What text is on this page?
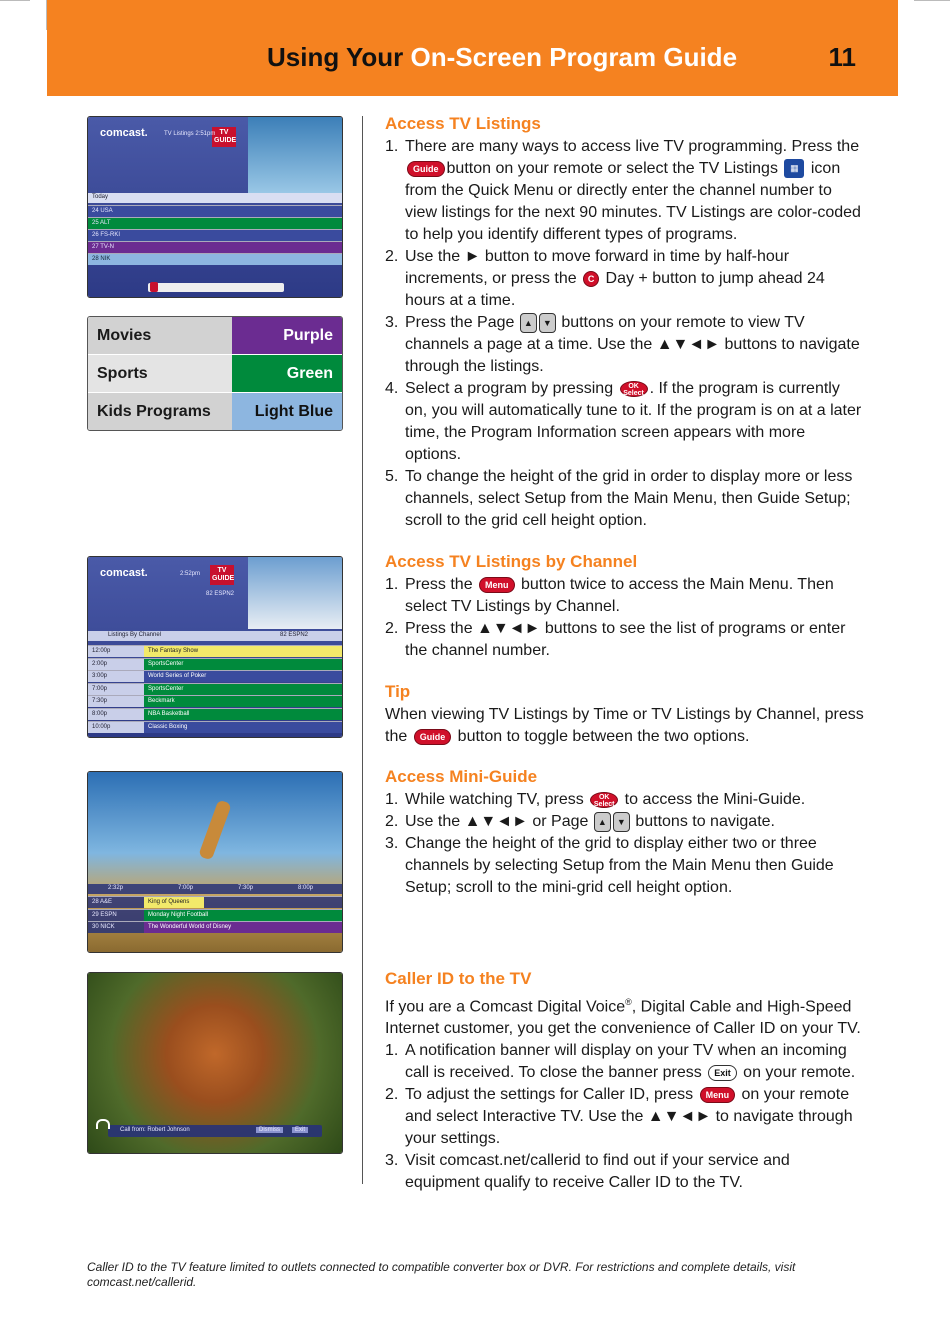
Using Your On-Screen Program Guide	11
comcast.	TV GUIDE
TV Listings 2:51pm
Today
24 USA
25 ALT
26 FS-RKI
27 TV-N
28 NIK
Movies	Purple
Sports	Green
Kids Programs	Light Blue
comcast.	TV GUIDE
2:52pm
82 ESPN2
Listings By Channel	82 ESPN2
12:00p	The Fantasy Show
2:00p	SportsCenter
3:00p	World Series of Poker
7:00p	SportsCenter
7:30p	Beckmark
8:00p	NBA Basketball
10:00p	Classic Boxing
2:32p	7:00p	7:30p	8:00p
28 A&E	King of Queens
29 ESPN	Monday Night Football
30 NICK	The Wonderful World of Disney
Call from: Robert Johnson	Dismiss	Exit
Access TV Listings
1. There are many ways to access live TV programming. Press the Guide button on your remote or select the TV Listings ▦ icon from the Quick Menu or directly enter the channel number to view listings for the next 90 minutes. TV Listings are color-coded to help you identify different types of programs.
2. Use the ► button to move forward in time by half-hour increments, or press the C Day + button to jump ahead 24 hours at a time.
3. Press the Page ▲ ▼ buttons on your remote to view TV channels a page at a time. Use the ▲▼◄► buttons to navigate through the listings.
4. Select a program by pressing OK
Select . If the program is currently on, you will automatically tune to it. If the program is on at a later time, the Program Information screen appears with more options.
5. To change the height of the grid in order to display more or less channels, select Setup from the Main Menu, then Guide Setup; scroll to the grid cell height option.
Access TV Listings by Channel
1. Press the Menu button twice to access the Main Menu. Then select TV Listings by Channel.
2. Press the ▲▼◄► buttons to see the list of programs or enter the channel number.
Tip
When viewing TV Listings by Time or TV Listings by Channel, press the Guide button to toggle between the two options.
Access Mini-Guide
1. While watching TV, press OK
Select to access the Mini-Guide.
2. Use the ▲▼◄► or Page ▲ ▼ buttons to navigate.
3. Change the height of the grid to display either two or three channels by selecting Setup from the Main Menu then Guide Setup; scroll to the mini-grid cell height option.
Caller ID to the TV
If you are a Comcast Digital Voice®, Digital Cable and High-Speed Internet customer, you get the convenience of Caller ID on your TV.
1. A notification banner will display on your TV when an incoming call is received. To close the banner press Exit on your remote.
2. To adjust the settings for Caller ID, press Menu on your remote and select Interactive TV. Use the ▲▼◄► to navigate through your settings.
3. Visit comcast.net/callerid to find out if your service and equipment qualify to receive Caller ID to the TV.
Caller ID to the TV feature limited to outlets connected to compatible converter box or DVR. For restrictions and complete details, visit comcast.net/callerid.
